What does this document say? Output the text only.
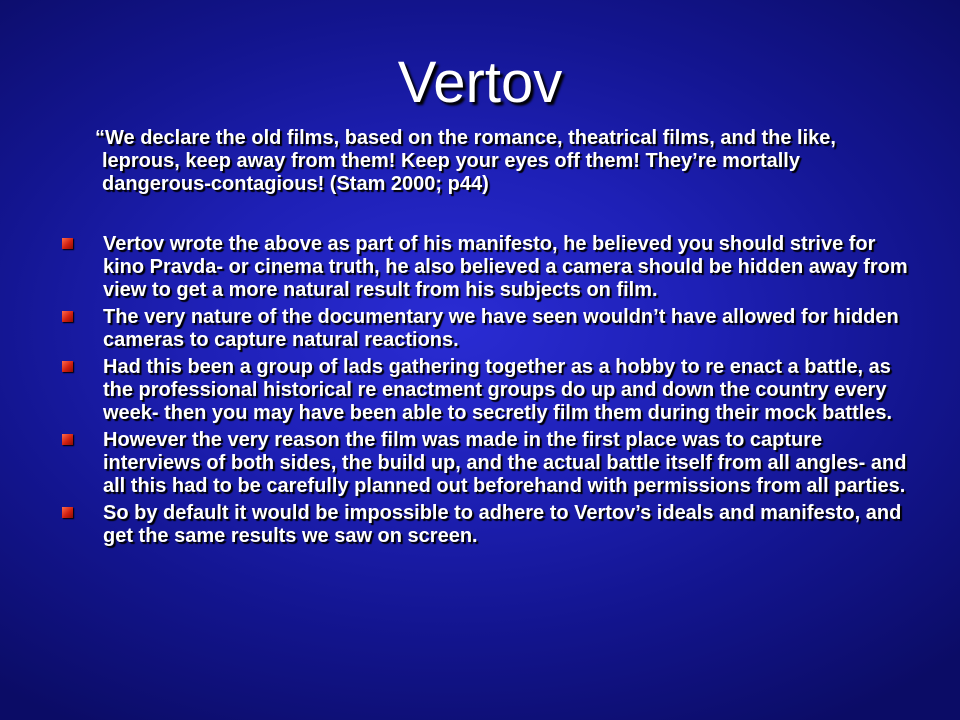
Vertov
“We declare the old films, based on the romance, theatrical films, and the like, leprous, keep away from them! Keep your eyes off them! They’re mortally dangerous-contagious! (Stam 2000; p44)
Vertov wrote the above as part of his manifesto, he believed you should strive for kino Pravda- or cinema truth, he also believed a camera should be hidden away from view to get a more natural result from his subjects on film.
The very nature of the documentary we have seen wouldn’t have allowed for hidden cameras to capture natural reactions.
Had this been a group of lads gathering together as a hobby to re enact a battle, as the professional historical re enactment groups do up and down the country every week- then you may have been able to secretly film them during their mock battles.
However the very reason the film was made in the first place was to capture interviews of both sides, the build up, and the actual battle itself from all angles- and all this had to be carefully planned out beforehand with permissions from all parties.
So by default it would be impossible to adhere to Vertov’s ideals and manifesto, and get the same results we saw on screen.
